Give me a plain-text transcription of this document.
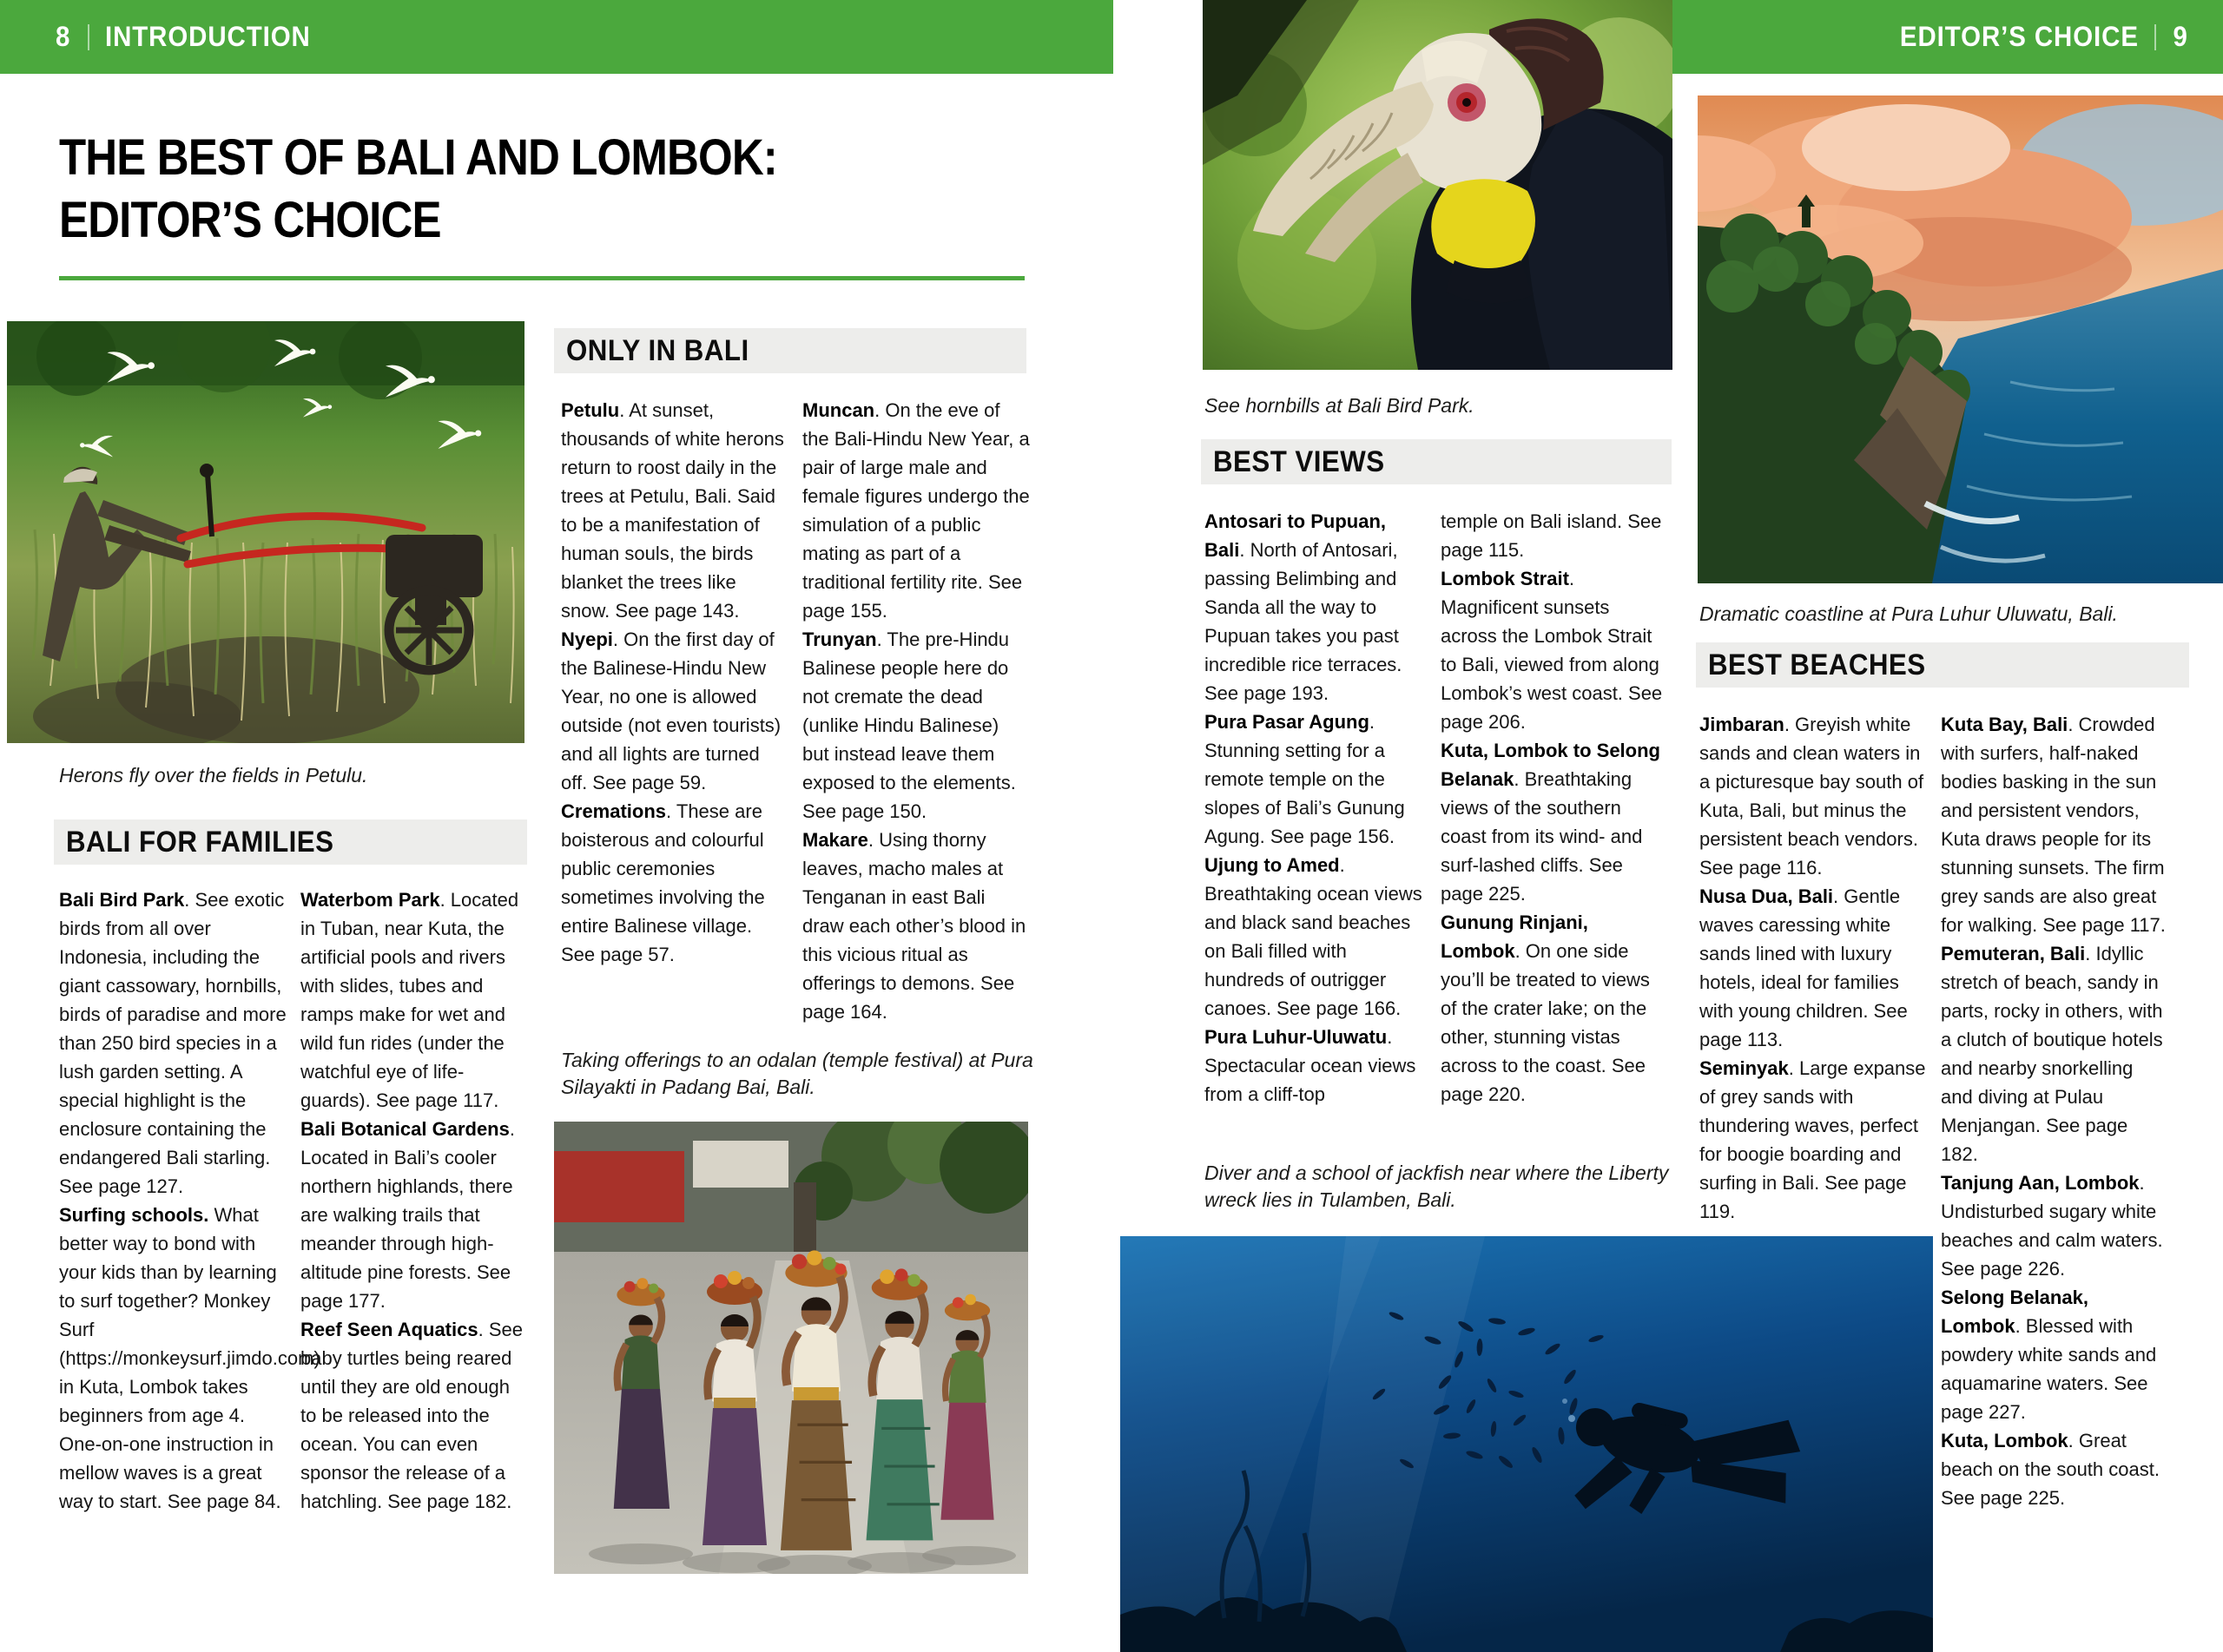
8 INTRODUCTION	EDITOR’S CHOICE 9
THE BEST OF BALI AND LOMBOK:
EDITOR’S CHOICE
Herons fly over the fields in Petulu.
BALI FOR FAMILIES

Bali Bird Park. See exotic birds from all over Indonesia, including the giant cassowary, hornbills, birds of paradise and more than 250 bird species in a lush garden setting. A special highlight is the enclosure containing the endangered Bali starling. See page 127.

Surfing schools. What better way to bond with your kids than by learning to surf together? Monkey Surf (https://monkeysurf.jimdo.com) in Kuta, Lombok takes beginners from age 4. One-on-one instruction in mellow waves is a great way to start. See page 84.

Waterbom Park. Located in Tuban, near Kuta, the artificial pools and rivers with slides, tubes and ramps make for wet and wild fun rides (under the watchful eye of life-guards). See page 117.

Bali Botanical Gardens. Located in Bali’s cooler northern highlands, there are walking trails that meander through high-altitude pine forests. See page 177.

Reef Seen Aquatics. See baby turtles being reared until they are old enough to be released into the ocean. You can even sponsor the release of a hatchling. See page 182.

ONLY IN BALI

Petulu. At sunset, thousands of white herons return to roost daily in the trees at Petulu, Bali. Said to be a manifestation of human souls, the birds blanket the trees like snow. See page 143.

Nyepi. On the first day of the Balinese-Hindu New Year, no one is allowed outside (not even tourists) and all lights are turned off. See page 59.

Cremations. These are boisterous and colourful public ceremonies sometimes involving the entire Balinese village. See page 57.

Muncan. On the eve of the Bali-Hindu New Year, a pair of large male and female figures undergo the simulation of a public mating as part of a traditional fertility rite. See page 155.

Trunyan. The pre-Hindu Balinese people here do not cremate the dead (unlike Hindu Balinese) but instead leave them exposed to the elements. See page 150.

Makare. Using thorny leaves, macho males at Tenganan in east Bali draw each other’s blood in this vicious ritual as offerings to demons. See page 164.

Taking offerings to an odalan (temple festival) at Pura Silayakti in Padang Bai, Bali.
See hornbills at Bali Bird Park.
BEST VIEWS

Antosari to Pupuan, Bali. North of Antosari, passing Belimbing and Sanda all the way to Pupuan takes you past incredible rice terraces. See page 193.

Pura Pasar Agung. Stunning setting for a remote temple on the slopes of Bali’s Gunung Agung. See page 156.

Ujung to Amed. Breathtaking ocean views and black sand beaches on Bali filled with hundreds of outrigger canoes. See page 166.

Pura Luhur-Uluwatu. Spectacular ocean views from a cliff-top

temple on Bali island. See page 115.

Lombok Strait. Magnificent sunsets across the Lombok Strait to Bali, viewed from along Lombok’s west coast. See page 206.

Kuta, Lombok to Selong Belanak. Breathtaking views of the southern coast from its wind- and surf-lashed cliffs. See page 225.

Gunung Rinjani, Lombok. On one side you’ll be treated to views of the crater lake; on the other, stunning vistas across to the coast. See page 220.

Diver and a school of jackfish near where the Liberty wreck lies in Tulamben, Bali.
Dramatic coastline at Pura Luhur Uluwatu, Bali.
BEST BEACHES

Jimbaran. Greyish white sands and clean waters in a picturesque bay south of Kuta, Bali, but minus the persistent beach vendors. See page 116.

Nusa Dua, Bali. Gentle waves caressing white sands lined with luxury hotels, ideal for families with young children. See page 113.

Seminyak. Large expanse of grey sands with thundering waves, perfect for boogie boarding and surfing in Bali. See page 119.

Kuta Bay, Bali. Crowded with surfers, half-naked bodies basking in the sun and persistent vendors, Kuta draws people for its stunning sunsets. The firm grey sands are also great for walking. See page 117.

Pemuteran, Bali. Idyllic stretch of beach, sandy in parts, rocky in others, with a clutch of boutique hotels and nearby snorkelling and diving at Pulau Menjangan. See page 182.

Tanjung Aan, Lombok. Undisturbed sugary white beaches and calm waters. See page 226.

Selong Belanak, Lombok. Blessed with powdery white sands and aquamarine waters. See page 227.

Kuta, Lombok. Great beach on the south coast. See page 225.
